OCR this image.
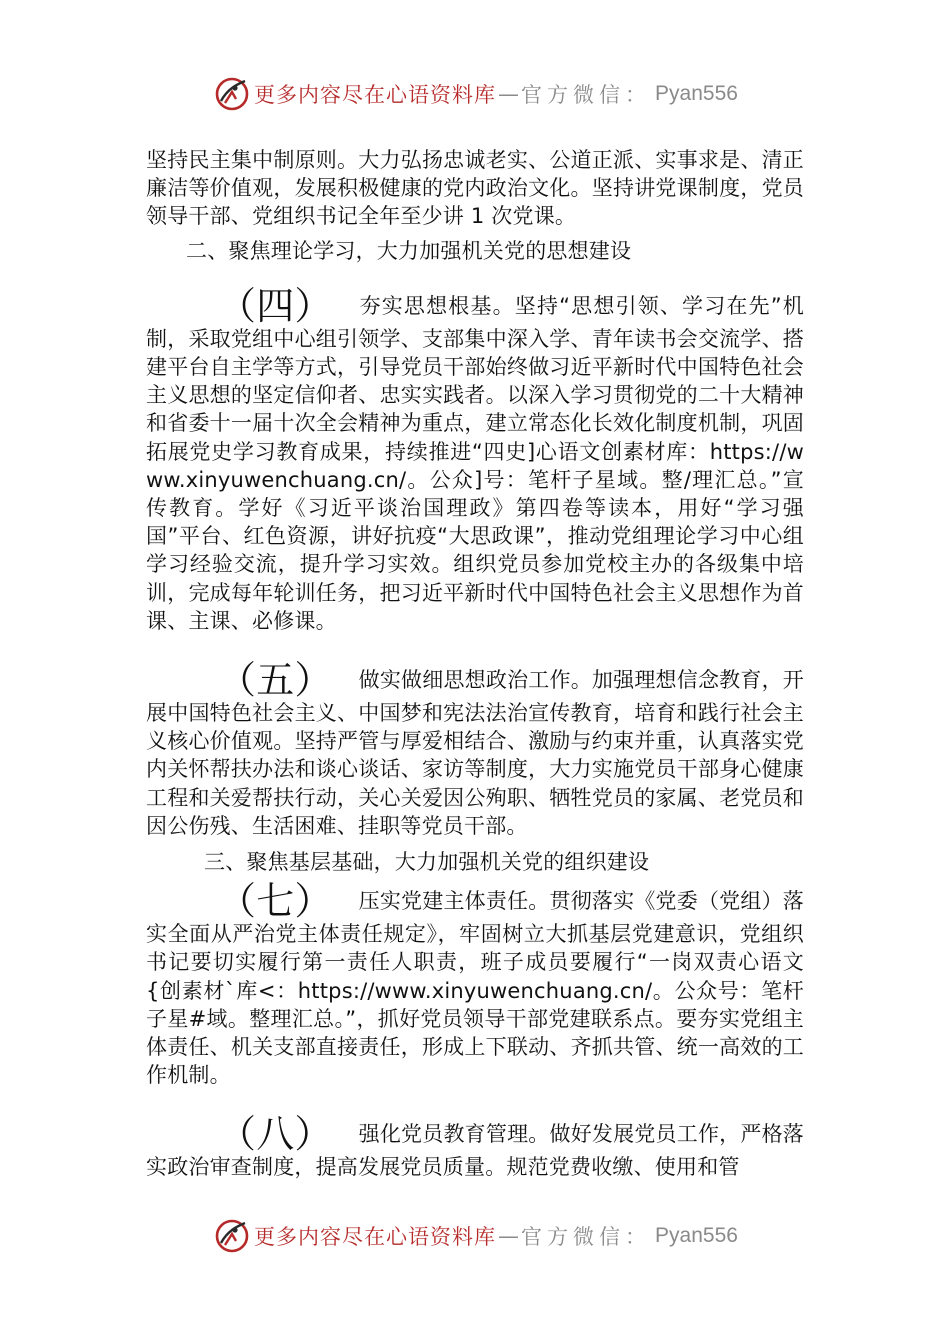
更多内容尽在心语资料库 — 官方微信： Pyan556

坚持民主集中制原则。大力弘扬忠诚老实、公道正派、实事求是、清正廉洁等价值观，发展积极健康的党内政治文化。坚持讲党课制度，党员领导干部、党组织书记全年至少讲 1 次党课。

二、聚焦理论学习，大力加强机关党的思想建设

（四） 夯实思想根基。坚持“思想引领、学习在先”机制，采取党组中心组引领学、支部集中深入学、青年读书会交流学、搭建平台自主学等方式，引导党员干部始终做习近平新时代中国特色社会主义思想的坚定信仰者、忠实实践者。以深入学习贯彻党的二十大精神和省委十一届十次全会精神为重点，建立常态化长效化制度机制，巩固拓展党史学习教育成果，持续推进“四史]心语文创素材库：https://www.xinyuwenchuang.cn/。公众]号：笔杆子星域。整/理汇总。”宣传教育。学好《习近平谈治国理政》第四卷等读本，用好“学习强国”平台、红色资源，讲好抗疫“大思政课”，推动党组理论学习中心组学习经验交流，提升学习实效。组织党员参加党校主办的各级集中培训，完成每年轮训任务，把习近平新时代中国特色社会主义思想作为首课、主课、必修课。

（五） 做实做细思想政治工作。加强理想信念教育，开展中国特色社会主义、中国梦和宪法法治宣传教育，培育和践行社会主义核心价值观。坚持严管与厚爱相结合、激励与约束并重，认真落实党内关怀帮扶办法和谈心谈话、家访等制度，大力实施党员干部身心健康工程和关爱帮扶行动，关心关爱因公殉职、牺牲党员的家属、老党员和因公伤残、生活困难、挂职等党员干部。

三、聚焦基层基础，大力加强机关党的组织建设

（七） 压实党建主体责任。贯彻落实《党委（党组）落实全面从严治党主体责任规定》，牢固树立大抓基层党建意识，党组织书记要切实履行第一责任人职责，班子成员要履行“一岗双责心语文{创素材`库<：https://www.xinyuwenchuang.cn/。公众号：笔杆子星#域。整理汇总。”，抓好党员领导干部党建联系点。要夯实党组主体责任、机关支部直接责任，形成上下联动、齐抓共管、统一高效的工作机制。

（八） 强化党员教育管理。做好发展党员工作，严格落实政治审查制度，提高发展党员质量。规范党费收缴、使用和管

更多内容尽在心语资料库 — 官方微信： Pyan556
